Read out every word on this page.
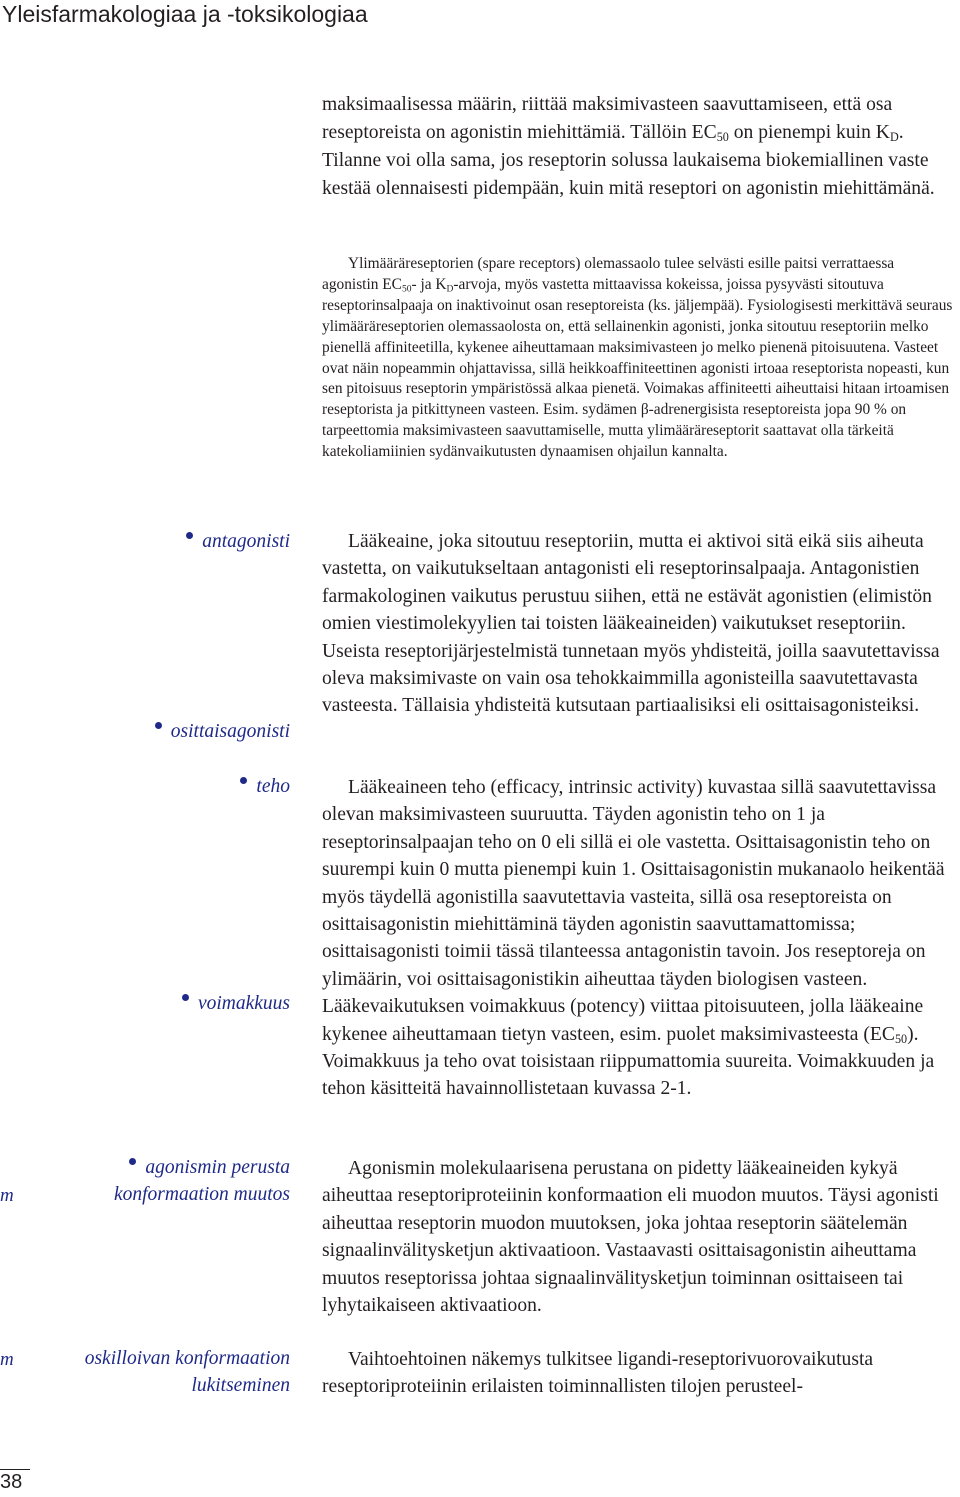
Yleisfarmakologiaa ja -toksikologiaa

maksimaalisessa määrin, riittää maksimivasteen saavuttamiseen, että osa reseptoreista on agonistin miehittämiä. Tällöin $EC_{50}$ on pienempi kuin $K_D$. Tilanne voi olla sama, jos reseptorin solussa laukaisema biokemiallinen vaste kestää olennaisesti pidempään, kuin mitä reseptori on agonistin miehittämänä.

Ylimääräreseptorien (spare receptors) olemassaolo tulee selvästi esille paitsi verrattaessa agonistin $EC_{50}-$ ja $K_D$-arvoja, myös vastetta mittaavissa kokeissa, joissa pysyvästi sitoutuva reseptorinsalpaaja on inaktivoinut osan reseptoreista (ks. jäljempää). Fysiologisesti merkittävä seuraus ylimääräreseptorien olemassaolosta on, että sellainenkin agonisti, jonka sitoutuu reseptoriin melko pienellä affiniteetilla, kykenee aiheuttamaan maksimivasteen jo melko pienenä pitoisuutena. Vasteet ovat näin nopeammin ohjattavissa, sillä heikkoaffiniteettinen agonisti irtoaa reseptorista nopeasti, kun sen pitoisuus reseptorin ympäristössä alkaa pienetä. Voimakas affiniteetti aiheuttaisi hitaan irtoamisen reseptorista ja pitkittyneen vasteen. Esim. sydämen β-adrenergisista reseptoreista jopa 90 % on tarpeettomia maksimivasteen saavuttamiselle, mutta ylimääräreseptorit saattavat olla tärkeitä katekoliamiinien sydänvaikutusten dynaamisen ohjailun kannalta.

Lääkeaine, joka sitoutuu reseptoriin, mutta ei aktivoi sitä eikä siis aiheuta vastetta, on vaikutukseltaan antagonisti eli reseptorinsalpaaja. Antagonistien farmakologinen vaikutus perustuu siihen, että ne estävät agonistien (elimistön omien viestimolekyylien tai toisten lääkeaineiden) vaikutukset reseptoriin. Useista reseptorijärjestelmistä tunnetaan myös yhdisteitä, joilla saavutettavissa oleva maksimivaste on vain osa tehokkaimmilla agonisteilla saavutettavasta vasteesta. Tällaisia yhdisteitä kutsutaan partiaalisiksi eli osittaisagonisteiksi.

Lääkeaineen teho (efficacy, intrinsic activity) kuvastaa sillä saavutettavissa olevan maksimivasteen suuruutta. Täyden agonistin teho on 1 ja reseptorinsalpaajan teho on 0 eli sillä ei ole vastetta. Osittaisagonistin teho on suurempi kuin 0 mutta pienempi kuin 1. Osittaisagonistin mukanaolo heikentää myös täydellä agonistilla saavutettavia vasteita, sillä osa reseptoreista on osittaisagonistin miehittäminä täyden agonistin saavuttamattomissa; osittaisagonisti toimii tässä tilanteessa antagonistin tavoin. Jos reseptoreja on ylimäärin, voi osittaisagonistikin aiheuttaa täyden biologisen vasteen. Lääkevaikutuksen voimakkuus (potency) viittaa pitoisuuteen, jolla lääkeaine kykenee aiheuttamaan tietyn vasteen, esim. puolet maksimivasteesta $(EC_{50})$. Voimakkuus ja teho ovat toisistaan riippumattomia suureita. Voimakkuuden ja tehon käsitteitä havainnollistetaan kuvassa 2-1.

Agonismin molekulaarisena perustana on pidetty lääkeaineiden kykyä aiheuttaa reseptoriproteiinin konformaation eli muodon muutos. Täysi agonisti aiheuttaa reseptorin muodon muutoksen, joka johtaa reseptorin säätelemän signaalinvälitysketjun aktivaatioon. Vastaavasti osittaisagonistin aiheuttama muutos reseptorissa johtaa signaalinvälitysketjun toiminnan osittaiseen tai lyhytaikaiseen aktivaatioon.

Vaihtoehtoinen näkemys tulkitsee ligandi-reseptorivuorovaikutusta reseptoriproteiinin erilaisten toiminnallisten tilojen perusteel-

antagonisti
osittaisagonisti
teho
voimakkuus
agonismin perusta
konformaation muutos
oskilloivan konformaation
lukitseminen
m
m
38
